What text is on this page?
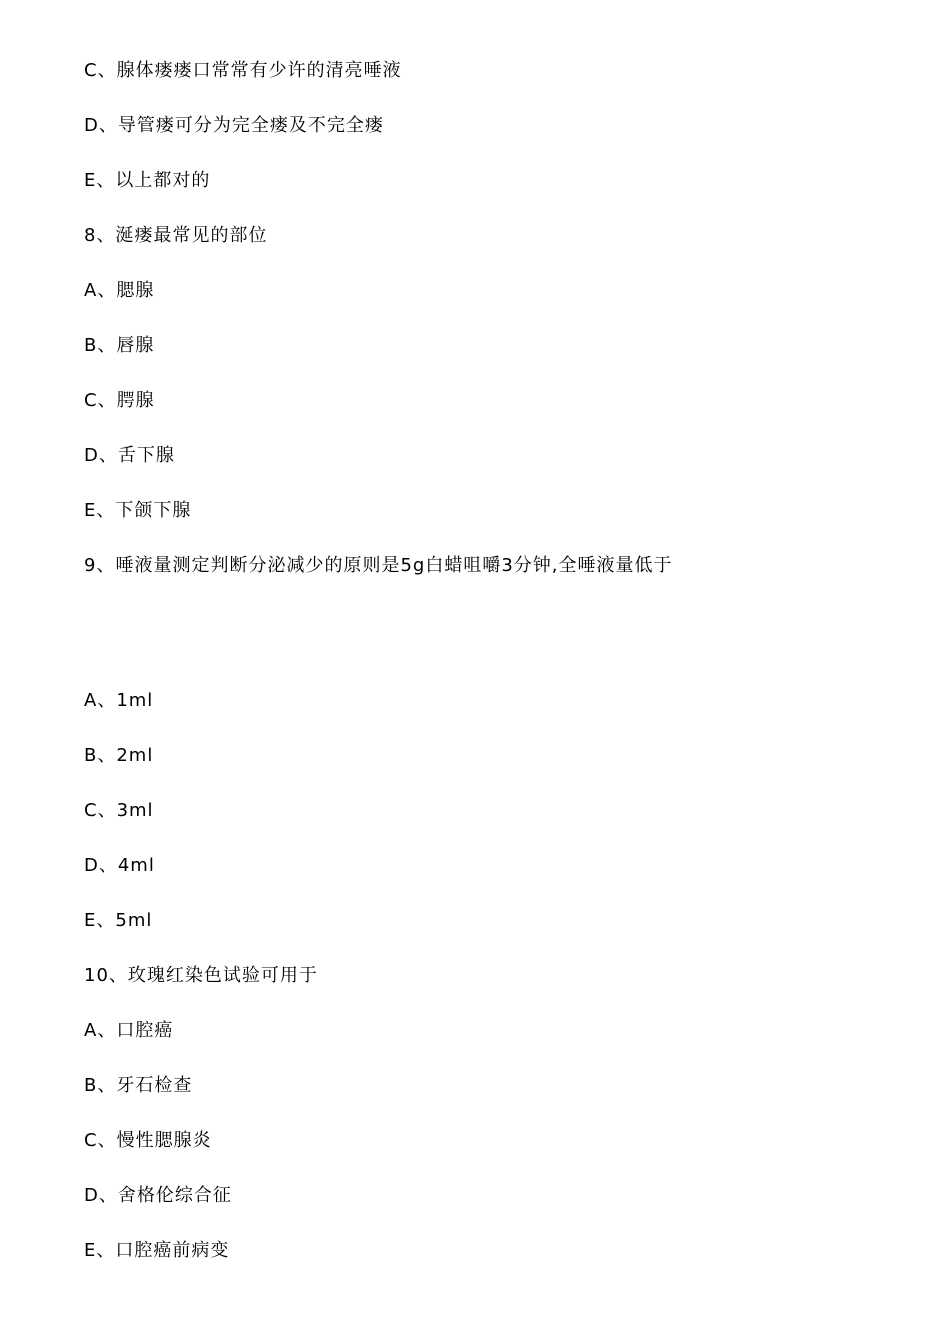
C、腺体瘘瘘口常常有少许的清亮唾液
D、导管瘘可分为完全瘘及不完全瘘
E、以上都对的
8、涎瘘最常见的部位
A、腮腺
B、唇腺
C、腭腺
D、舌下腺
E、下颌下腺
9、唾液量测定判断分泌减少的原则是5g白蜡咀嚼3分钟,全唾液量低于
A、1ml
B、2ml
C、3ml
D、4ml
E、5ml
10、玫瑰红染色试验可用于
A、口腔癌
B、牙石检查
C、慢性腮腺炎
D、舍格伦综合征
E、口腔癌前病变
